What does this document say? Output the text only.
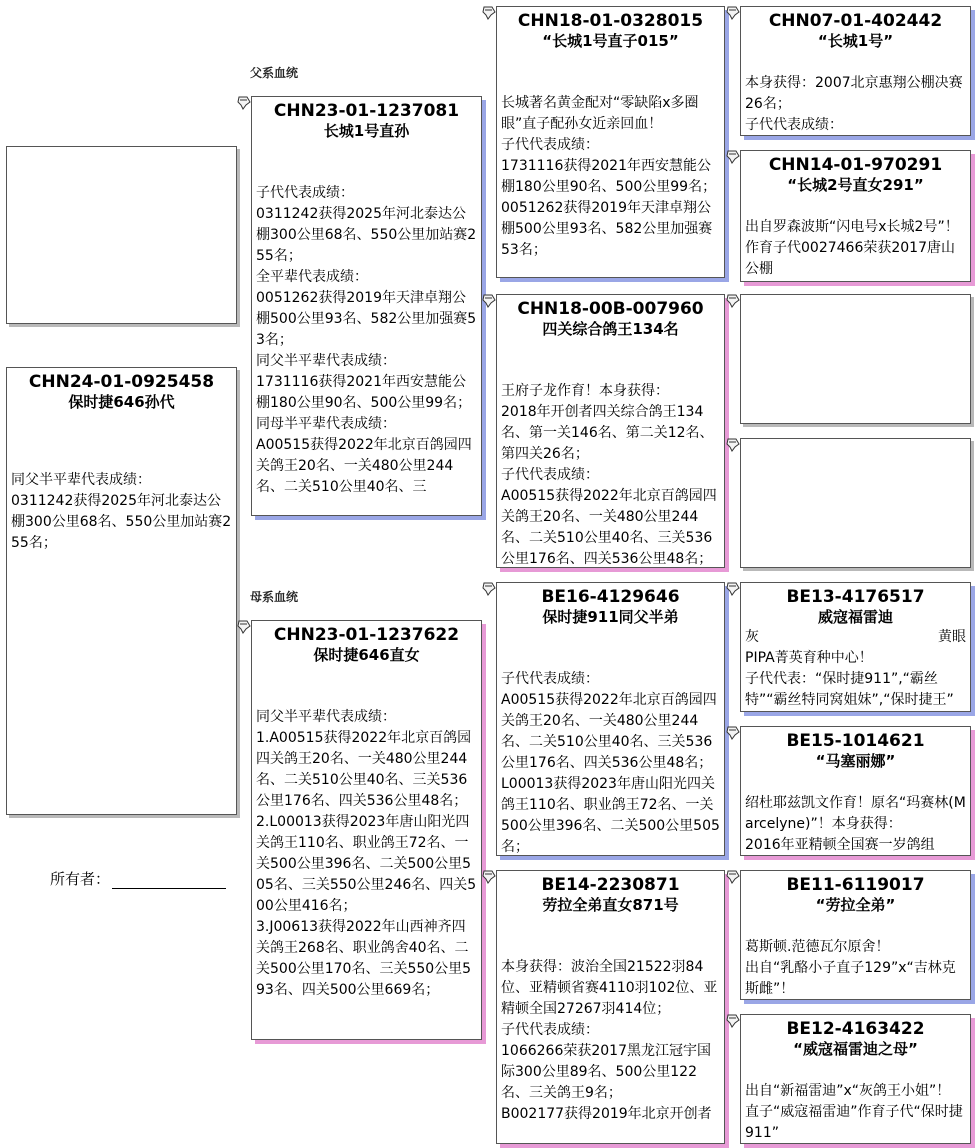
父系血统
母系血统
CHN24-01-0925458
保时捷646孙代

同父半平辈代表成绩：
0311242获得2025年河北泰达公棚300公里68名、550公里加站赛255名；

所有者：
CHN23-01-1237081
长城1号直孙

子代代表成绩：
0311242获得2025年河北泰达公棚300公里68名、550公里加站赛255名；
全平辈代表成绩：
0051262获得2019年天津卓翔公棚500公里93名、582公里加强赛53名；
同父半平辈代表成绩：
1731116获得2021年西安慧能公棚180公里90名、500公里99名；
同母半平辈代表成绩：
A00515获得2022年北京百鸽园四关鸽王20名、一关480公里244名、二关510公里40名、三

CHN23-01-1237622
保时捷646直女

同父半平辈代表成绩：
1.A00515获得2022年北京百鸽园四关鸽王20名、一关480公里244名、二关510公里40名、三关536公里176名、四关536公里48名；
2.L00013获得2023年唐山阳光四关鸽王110名、职业鸽王72名、一关500公里396名、二关500公里505名、三关550公里246名、四关500公里416名；
3.J00613获得2022年山西神齐四关鸽王268名、职业鸽舍40名、二关500公里170名、三关550公里593名、四关500公里669名；

CHN18-01-0328015
“长城1号直子015”

长城著名黄金配对“零缺陷x多圈眼”直子配孙女近亲回血！
子代代表成绩：
1731116获得2021年西安慧能公棚180公里90名、500公里99名；
0051262获得2019年天津卓翔公棚500公里93名、582公里加强赛53名；

CHN18-00B-007960
四关综合鸽王134名

王府子龙作育！本身获得：
2018年开创者四关综合鸽王134名、第一关146名、第二关12名、第四关26名；
子代代表成绩：
A00515获得2022年北京百鸽园四关鸽王20名、一关480公里244名、二关510公里40名、三关536公里176名、四关536公里48名；

BE16-4129646
保时捷911同父半弟

子代代表成绩：
A00515获得2022年北京百鸽园四关鸽王20名、一关480公里244名、二关510公里40名、三关536公里176名、四关536公里48名；
L00013获得2023年唐山阳光四关鸽王110名、职业鸽王72名、一关500公里396名、二关500公里505名；

BE14-2230871
劳拉全弟直女871号

本身获得：波治全国21522羽84位、亚精顿省赛4110羽102位、亚精顿全国27267羽414位；
子代代表成绩：
1066266荣获2017黑龙江冠宇国际300公里89名、500公里122名、三关鸽王9名；
B002177获得2019年北京开创者

CHN07-01-402442
“长城1号”

本身获得：2007北京惠翔公棚决赛26名；
子代代表成绩：

CHN14-01-970291
“长城2号直女291”

出自罗森波斯“闪电号x长城2号”！
作育子代0027466荣获2017唐山公棚

BE13-4176517
威寇福雷迪
灰	黄眼

PIPA菁英育种中心！
子代代表：“保时捷911”,“霸丝特”“霸丝特同窝姐妹”,“保时捷王”

BE15-1014621
“马塞丽娜”

绍杜耶兹凯文作育！原名“玛赛林(Marcelyne)”！本身获得：
2016年亚精顿全国赛一岁鸽组

BE11-6119017
“劳拉全弟”

葛斯顿.范德瓦尔原舍！
出自“乳酪小子直子129”x“吉林克斯雌”！

BE12-4163422
“威寇福雷迪之母”

出自“新福雷迪”x“灰鸽王小姐”！
直子“威寇福雷迪”作育子代“保时捷911”
